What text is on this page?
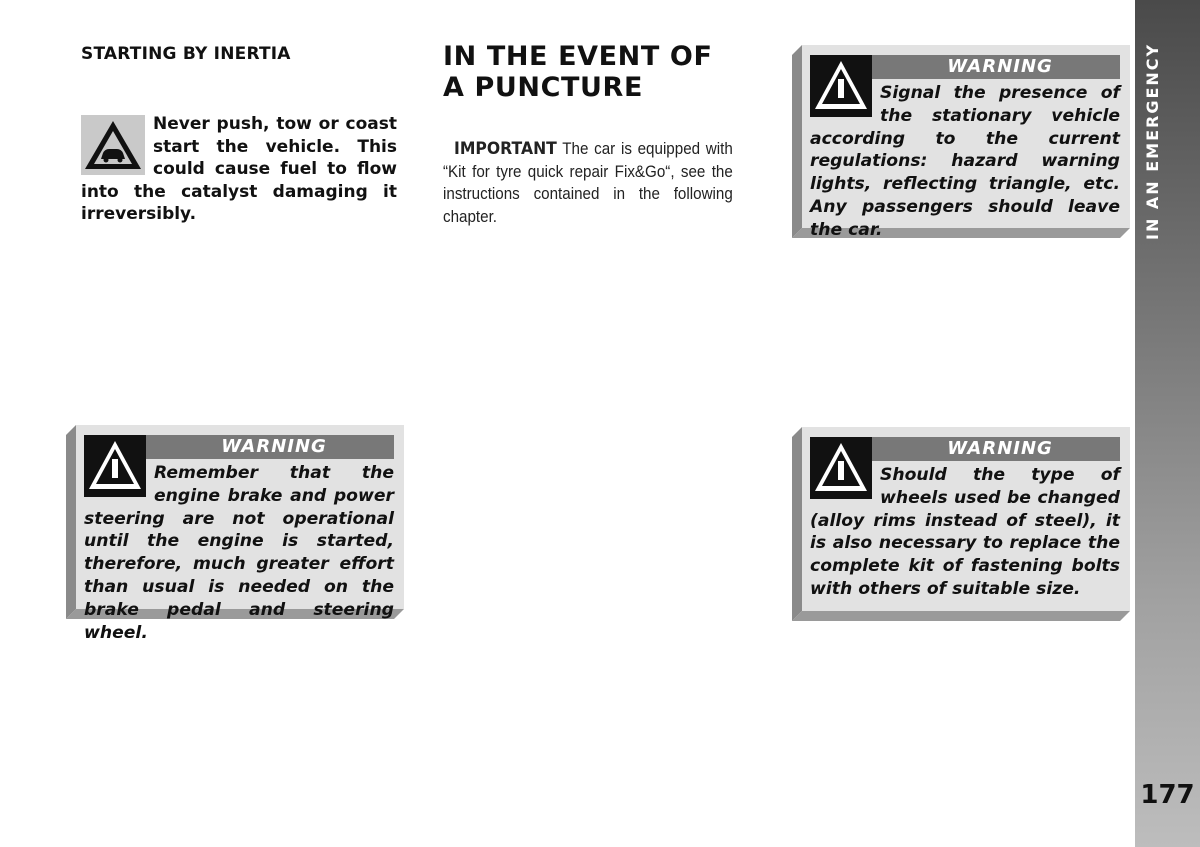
STARTING BY INERTIA

Never push, tow or coast start the vehicle. This could cause fuel to flow into the catalyst damaging it irreversibly.

IN THE EVENT OF
A PUNCTURE

IMPORTANT The car is equipped with “Kit for tyre quick repair Fix&Go“, see the instructions contained in the following chapter.

WARNING

Signal the presence of the stationary vehicle according to the current regulations: hazard warning lights, reflecting triangle, etc. Any passengers should leave the car.

WARNING

Remember that the engine brake and power steering are not operational until the engine is started, therefore, much greater effort than usual is needed on the brake pedal and steering wheel.

WARNING

Should the type of wheels used be changed (alloy rims instead of steel), it is also necessary to replace the complete kit of fastening bolts with others of suitable size.

IN AN EMERGENCY
177
